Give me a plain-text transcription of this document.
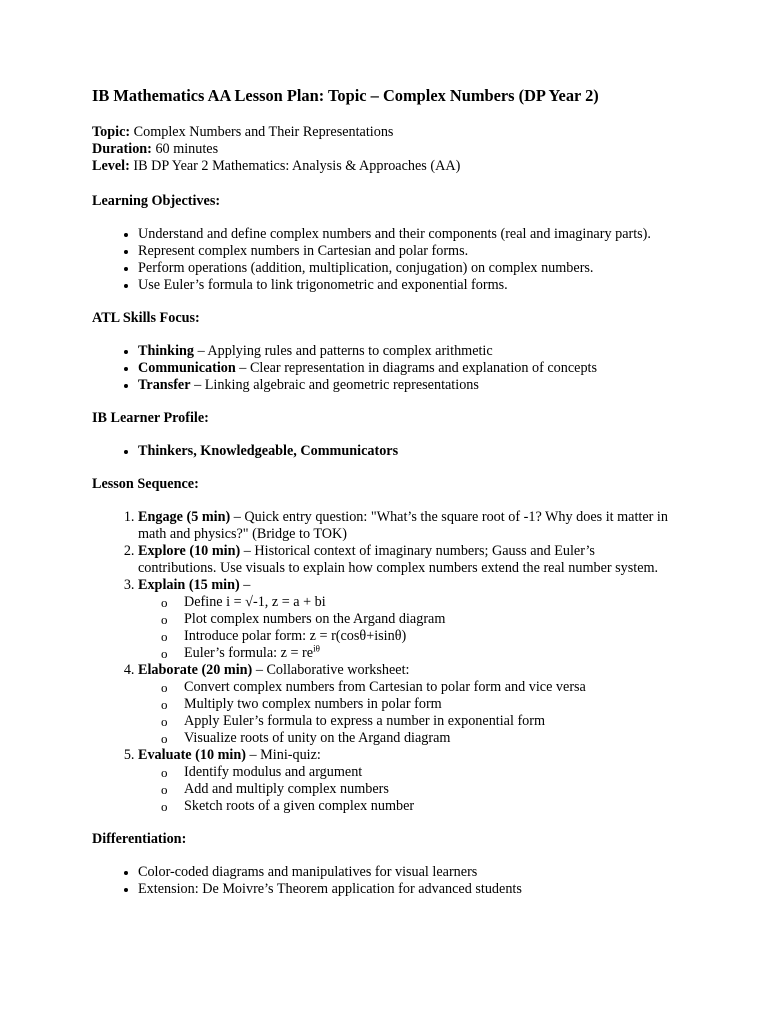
IB Mathematics AA Lesson Plan: Topic – Complex Numbers (DP Year 2)

Topic: Complex Numbers and Their Representations

Duration: 60 minutes

Level: IB DP Year 2 Mathematics: Analysis & Approaches (AA)

Learning Objectives:
• Understand and define complex numbers and their components (real and imaginary parts).
• Represent complex numbers in Cartesian and polar forms.
• Perform operations (addition, multiplication, conjugation) on complex numbers.
• Use Euler’s formula to link trigonometric and exponential forms.
ATL Skills Focus:
• Thinking – Applying rules and patterns to complex arithmetic
• Communication – Clear representation in diagrams and explanation of concepts
• Transfer – Linking algebraic and geometric representations
IB Learner Profile:
• Thinkers, Knowledgeable, Communicators
Lesson Sequence:
1. Engage (5 min) – Quick entry question: "What’s the square root of -1? Why does it matter in math and physics?" (Bridge to TOK)
2. Explore (10 min) – Historical context of imaginary numbers; Gauss and Euler’s contributions. Use visuals to explain how complex numbers extend the real number system.
3. Explain (15 min) –
o Define i = √-1, z = a + bi
o Plot complex numbers on the Argand diagram
o Introduce polar form: z = r(cosθ+isinθ)
o Euler’s formula: $z = re^{i\theta}$
4. Elaborate (20 min) – Collaborative worksheet:
o Convert complex numbers from Cartesian to polar form and vice versa
o Multiply two complex numbers in polar form
o Apply Euler’s formula to express a number in exponential form
o Visualize roots of unity on the Argand diagram
5. Evaluate (10 min) – Mini-quiz:
o Identify modulus and argument
o Add and multiply complex numbers
o Sketch roots of a given complex number
Differentiation:
• Color-coded diagrams and manipulatives for visual learners
• Extension: De Moivre’s Theorem application for advanced students
